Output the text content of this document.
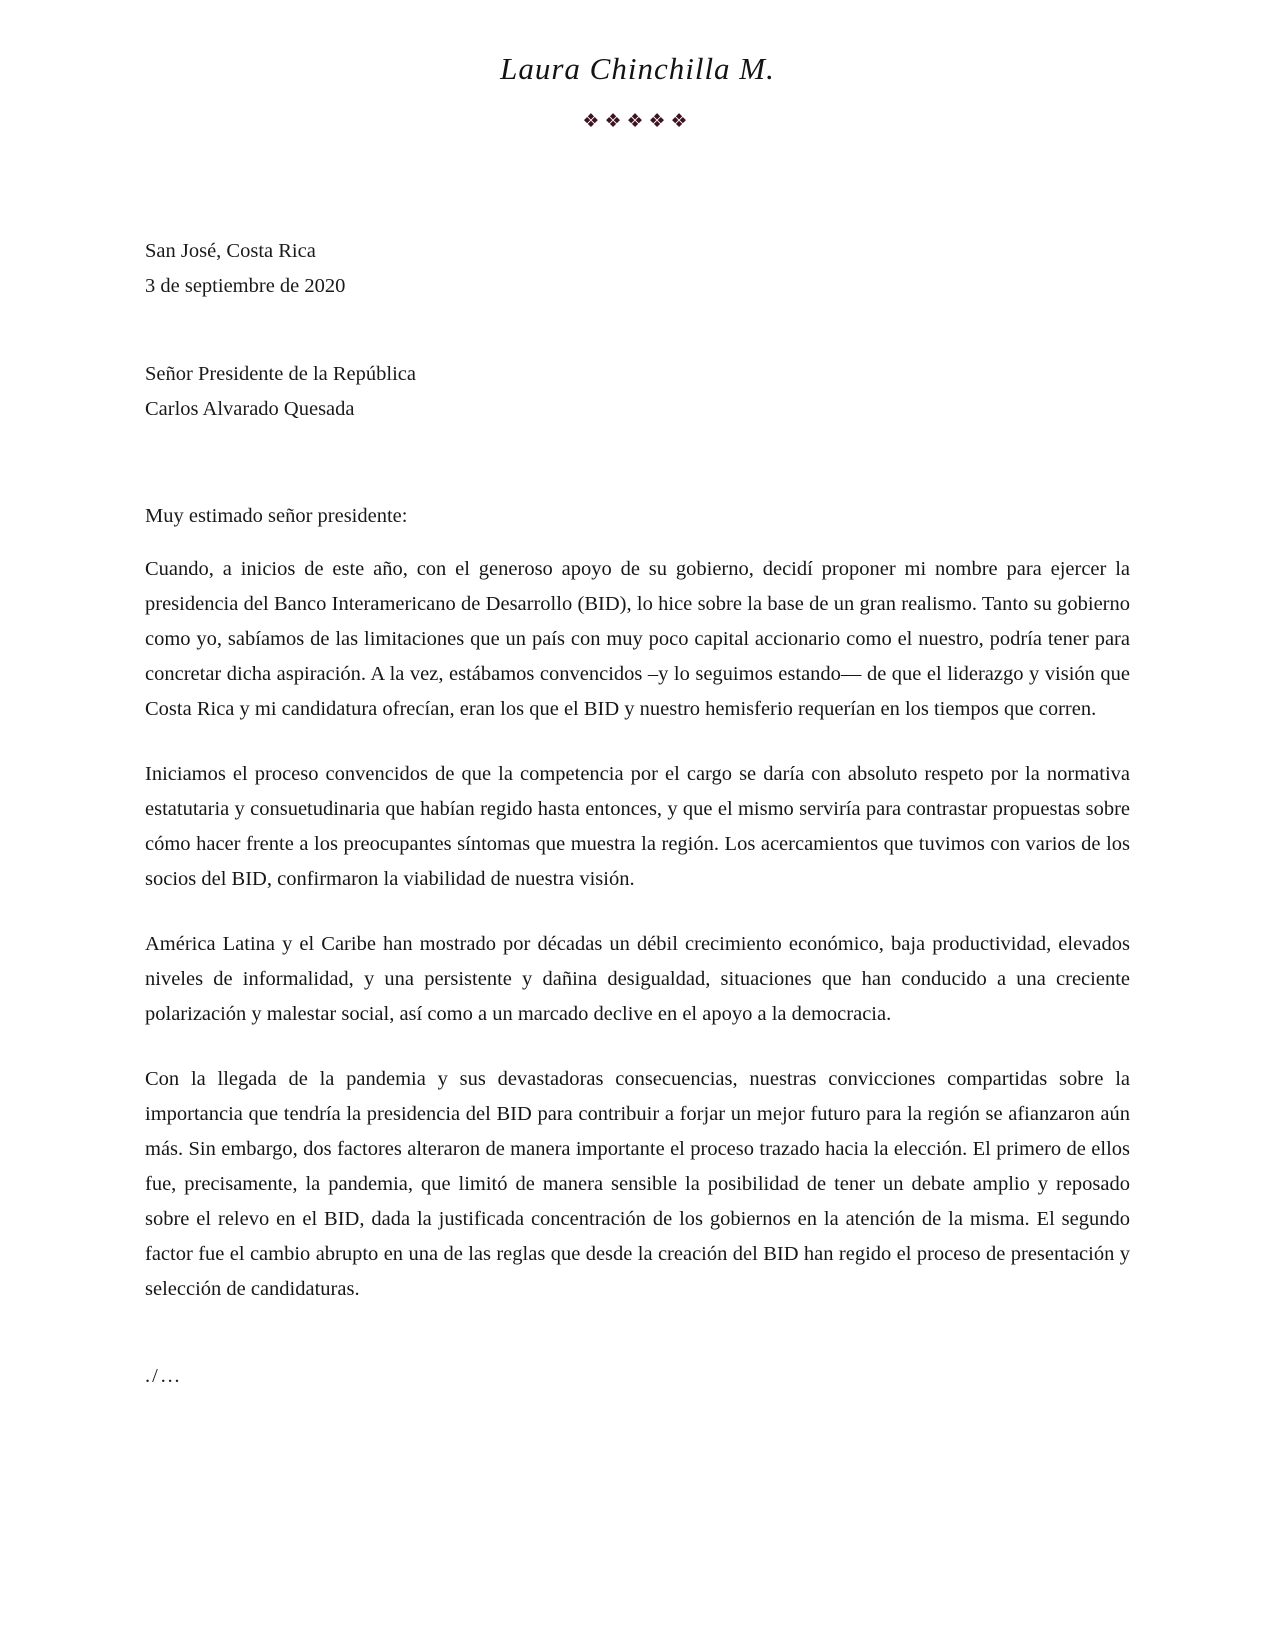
Laura Chinchilla M.
❖❖❖❖❖
San José, Costa Rica
3 de septiembre de 2020
Señor Presidente de la República
Carlos Alvarado Quesada
Muy estimado señor presidente:

Cuando, a inicios de este año, con el generoso apoyo de su gobierno, decidí proponer mi nombre para ejercer la presidencia del Banco Interamericano de Desarrollo (BID), lo hice sobre la base de un gran realismo. Tanto su gobierno como yo, sabíamos de las limitaciones que un país con muy poco capital accionario como el nuestro, podría tener para concretar dicha aspiración. A la vez, estábamos convencidos –y lo seguimos estando— de que el liderazgo y visión que Costa Rica y mi candidatura ofrecían, eran los que el BID y nuestro hemisferio requerían en los tiempos que corren.

Iniciamos el proceso convencidos de que la competencia por el cargo se daría con absoluto respeto por la normativa estatutaria y consuetudinaria que habían regido hasta entonces, y que el mismo serviría para contrastar propuestas sobre cómo hacer frente a los preocupantes síntomas que muestra la región. Los acercamientos que tuvimos con varios de los socios del BID, confirmaron la viabilidad de nuestra visión.

América Latina y el Caribe han mostrado por décadas un débil crecimiento económico, baja productividad, elevados niveles de informalidad, y una persistente y dañina desigualdad, situaciones que han conducido a una creciente polarización y malestar social, así como a un marcado declive en el apoyo a la democracia.

Con la llegada de la pandemia y sus devastadoras consecuencias, nuestras convicciones compartidas sobre la importancia que tendría la presidencia del BID para contribuir a forjar un mejor futuro para la región se afianzaron aún más. Sin embargo, dos factores alteraron de manera importante el proceso trazado hacia la elección. El primero de ellos fue, precisamente, la pandemia, que limitó de manera sensible la posibilidad de tener un debate amplio y reposado sobre el relevo en el BID, dada la justificada concentración de los gobiernos en la atención de la misma. El segundo factor fue el cambio abrupto en una de las reglas que desde la creación del BID han regido el proceso de presentación y selección de candidaturas.

./…
